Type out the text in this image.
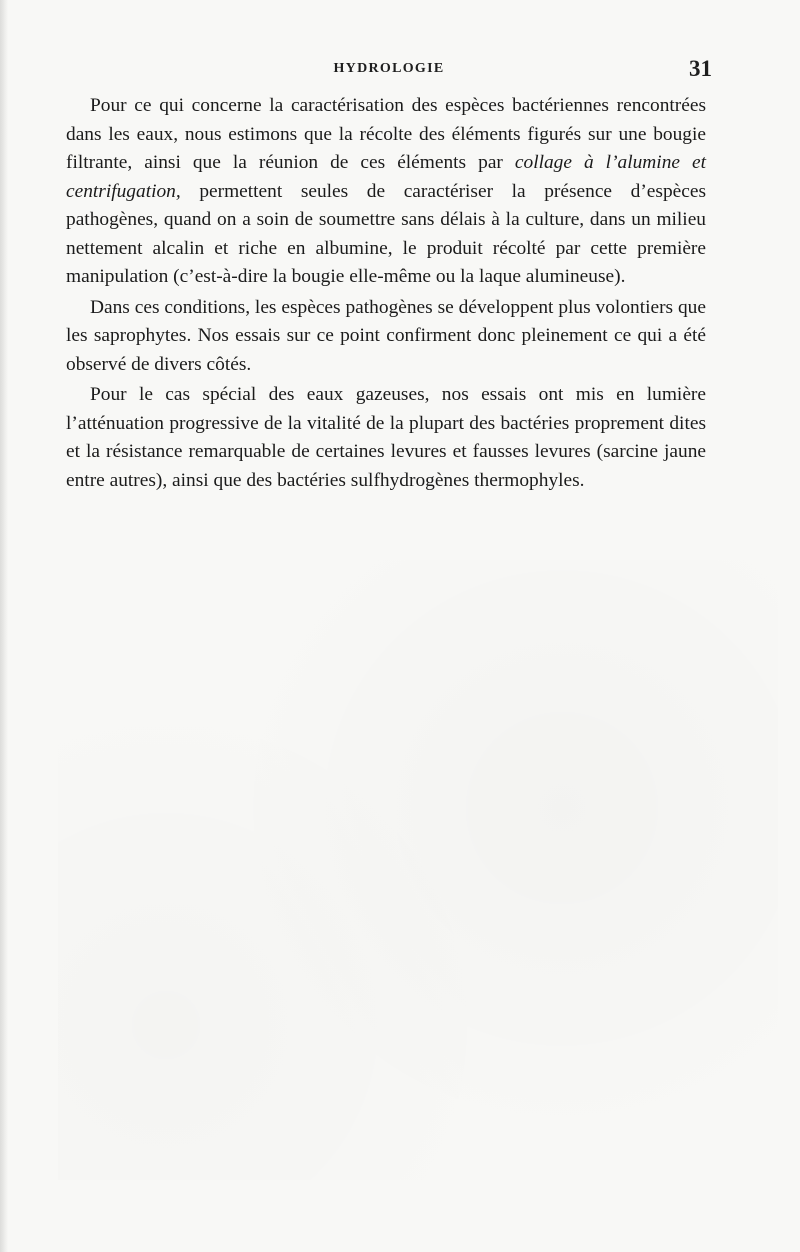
HYDROLOGIE	31

Pour ce qui concerne la caractérisation des espèces bactériennes rencontrées dans les eaux, nous estimons que la récolte des éléments figurés sur une bougie filtrante, ainsi que la réunion de ces éléments par collage à l’alumine et centrifugation, permettent seules de caractériser la présence d’espèces pathogènes, quand on a soin de soumettre sans délais à la culture, dans un milieu nettement alcalin et riche en albumine, le produit récolté par cette première manipulation (c’est-à-dire la bougie elle-même ou la laque alumineuse).

Dans ces conditions, les espèces pathogènes se développent plus volontiers que les saprophytes. Nos essais sur ce point confirment donc pleinement ce qui a été observé de divers côtés.

Pour le cas spécial des eaux gazeuses, nos essais ont mis en lumière l’atténuation progressive de la vitalité de la plupart des bactéries proprement dites et la résistance remarquable de certaines levures et fausses levures (sarcine jaune entre autres), ainsi que des bactéries sulfhydrogènes thermophyles.
